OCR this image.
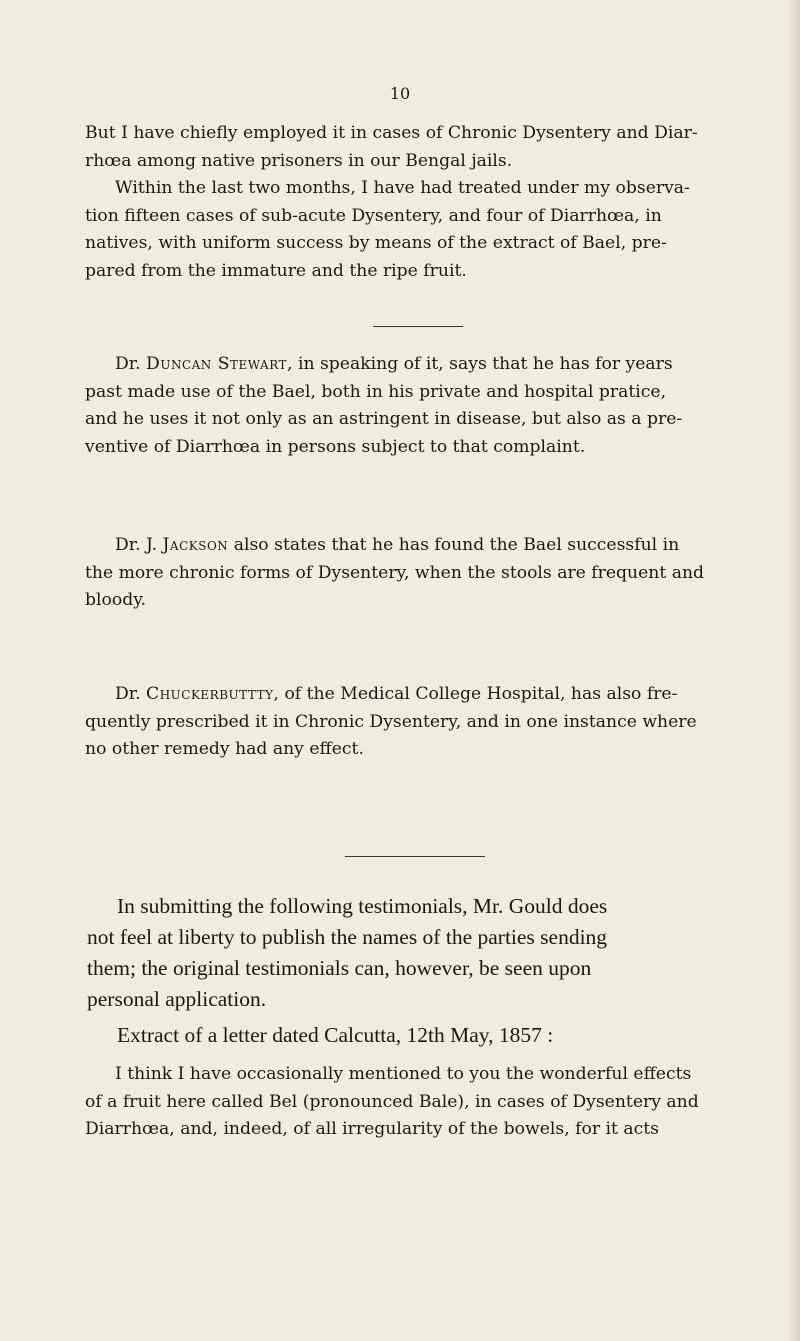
10
But I have chiefly employed it in cases of Chronic Dysentery and Diar-
rhœa among native prisoners in our Bengal jails.
Within the last two months, I have had treated under my observa-
tion fifteen cases of sub-acute Dysentery, and four of Diarrhœa, in
natives, with uniform success by means of the extract of Bael, pre-
pared from the immature and the ripe fruit.
Dr. Duncan Stewart, in speaking of it, says that he has for years
past made use of the Bael, both in his private and hospital pratice,
and he uses it not only as an astringent in disease, but also as a pre-
ventive of Diarrhœa in persons subject to that complaint.
Dr. J. Jackson also states that he has found the Bael successful in
the more chronic forms of Dysentery, when the stools are frequent and
bloody.
Dr. Chuckerbuttty, of the Medical College Hospital, has also fre-
quently prescribed it in Chronic Dysentery, and in one instance where
no other remedy had any effect.
In submitting the following testimonials, Mr. Gould does
not feel at liberty to publish the names of the parties sending
them; the original testimonials can, however, be seen upon
personal application.
Extract of a letter dated Calcutta, 12th May, 1857 :
I think I have occasionally mentioned to you the wonderful effects
of a fruit here called Bel (pronounced Bale), in cases of Dysentery and
Diarrhœa, and, indeed, of all irregularity of the bowels, for it acts
